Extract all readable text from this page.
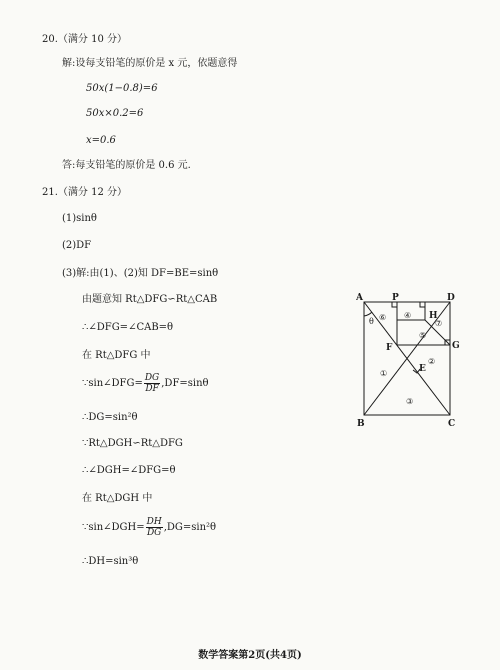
20.（满分 10 分）
解:设每支铅笔的原价是 x 元，依题意得
50x(1−0.8)=6
50x×0.2=6
x=0.6
答:每支铅笔的原价是 0.6 元.
21.（满分 12 分）
(1)sinθ
(2)DF
(3)解:由(1)、(2)知 DF=BE=sinθ
由题意知 Rt△DFG∽Rt△CAB
∴∠DFG=∠CAB=θ
在 Rt△DFG 中
∵sin∠DFG= $\frac{DG}{DF} ,DF=\sin\theta$
∴DG=sin²θ
∵Rt△DGH∽Rt△DFG
∴∠DGH=∠DFG=θ
在 Rt△DGH 中
∵sin∠DGH= $\frac{DH}{DG} ,DG=\sin^2\theta$
∴DH=sin³θ
A	P	D
H
F	G
E
B	C
θ ⑥ ④
⑦
⑤
②
①
③
数学答案第2页(共4页)
